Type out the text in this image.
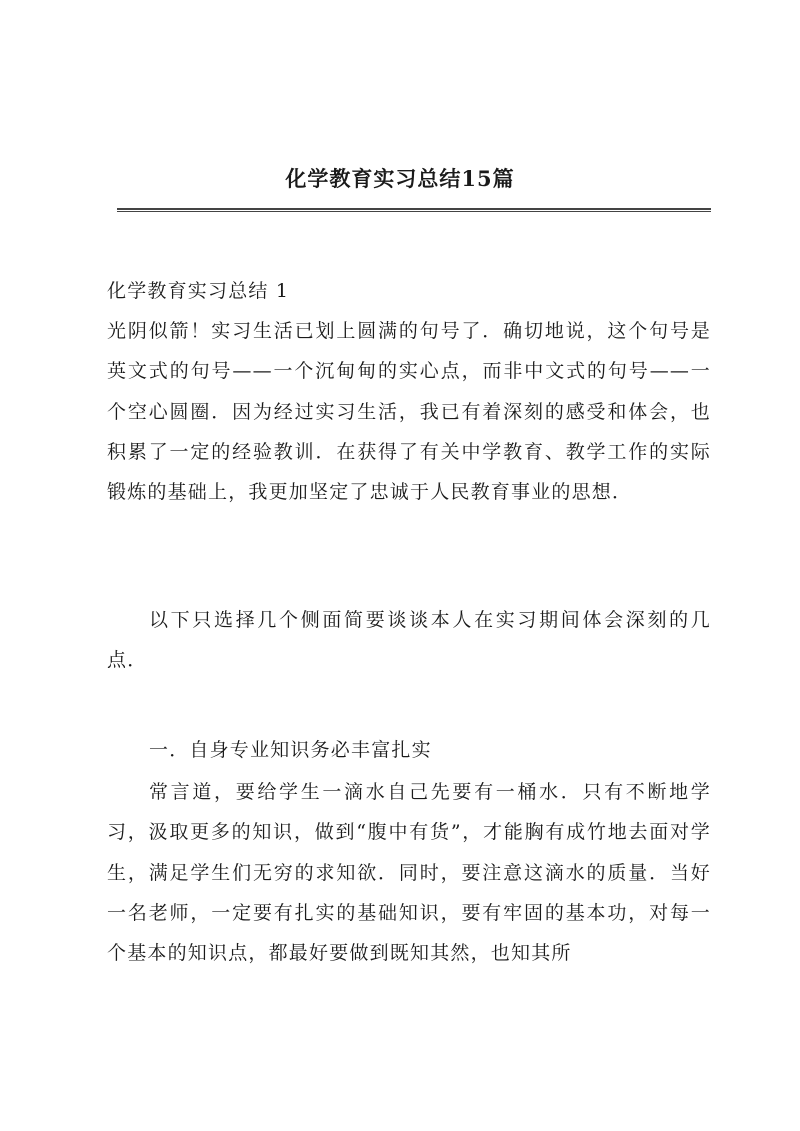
化学教育实习总结15篇

化学教育实习总结 1

光阴似箭！实习生活已划上圆满的句号了．确切地说，这个句号是英文式的句号——一个沉甸甸的实心点，而非中文式的句号——一个空心圆圈．因为经过实习生活，我已有着深刻的感受和体会，也积累了一定的经验教训．在获得了有关中学教育、教学工作的实际锻炼的基础上，我更加坚定了忠诚于人民教育事业的思想．

以下只选择几个侧面简要谈谈本人在实习期间体会深刻的几点．

一．自身专业知识务必丰富扎实

常言道，要给学生一滴水自己先要有一桶水．只有不断地学习，汲取更多的知识，做到“腹中有货”，才能胸有成竹地去面对学生，满足学生们无穷的求知欲．同时，要注意这滴水的质量．当好一名老师，一定要有扎实的基础知识，要有牢固的基本功，对每一个基本的知识点，都最好要做到既知其然，也知其所
